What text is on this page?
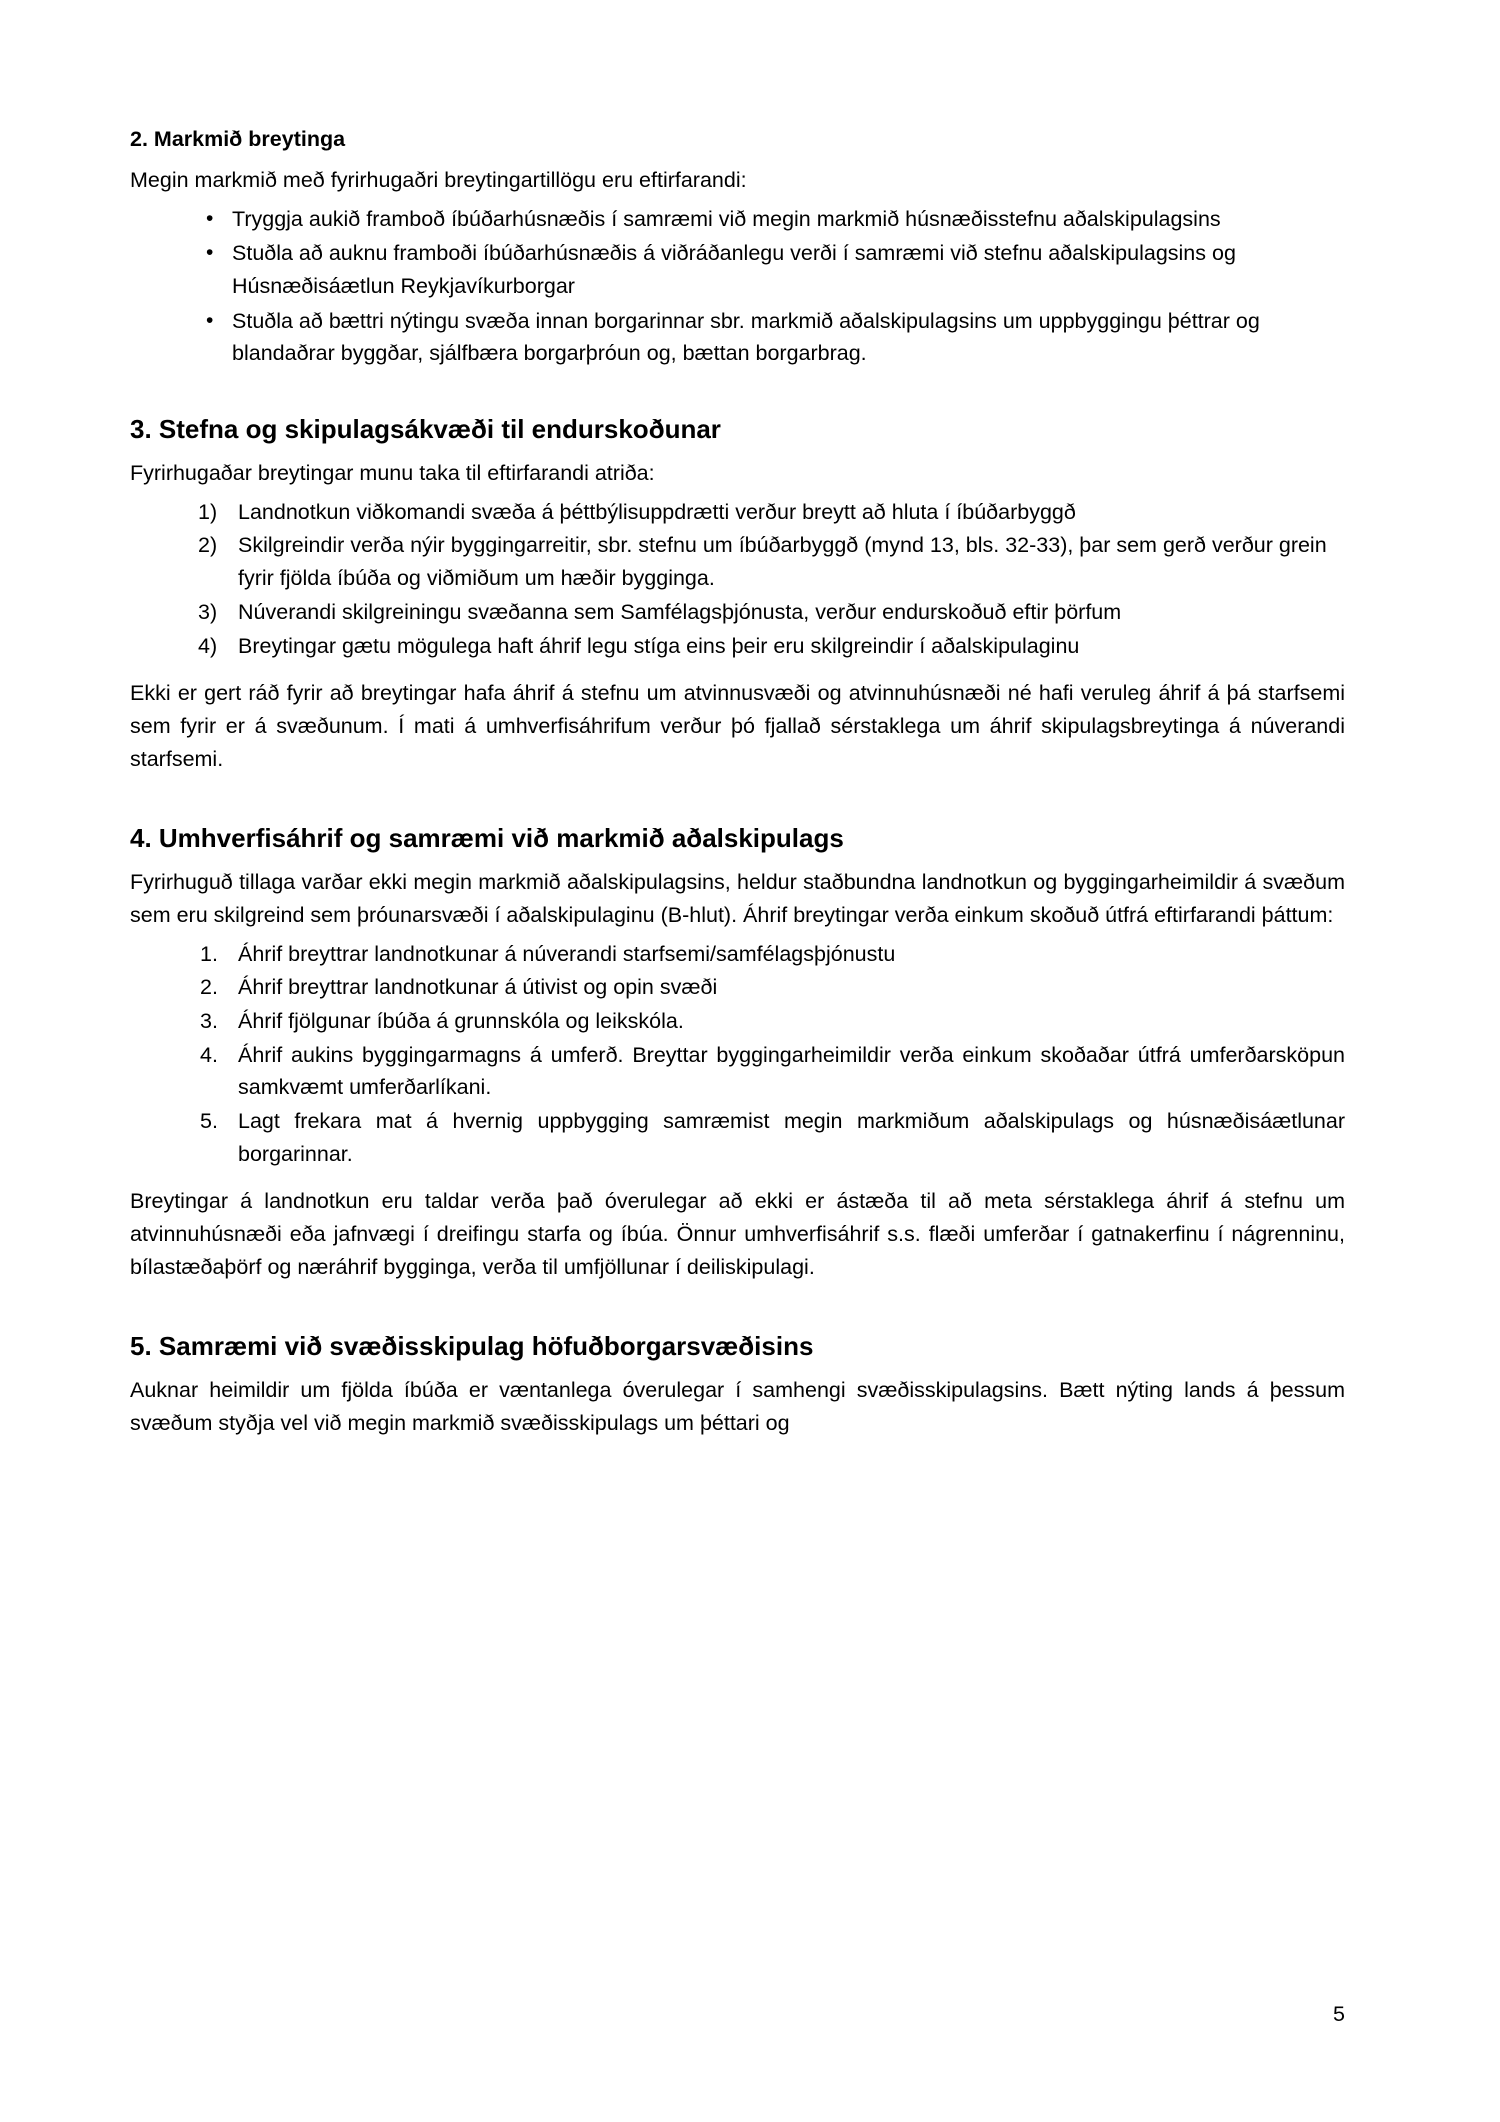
2. Markmið breytinga

Megin markmið með fyrirhugaðri breytingartillögu eru eftirfarandi:

• Tryggja aukið framboð íbúðarhúsnæðis í samræmi við megin markmið húsnæðisstefnu aðalskipulagsins
• Stuðla að auknu framboði íbúðarhúsnæðis á viðráðanlegu verði í samræmi við stefnu aðalskipulagsins og Húsnæðisáætlun Reykjavíkurborgar
• Stuðla að bættri nýtingu svæða innan borgarinnar sbr. markmið aðalskipulagsins um uppbyggingu þéttrar og blandaðrar byggðar, sjálfbæra borgarþróun og, bættan borgarbrag.
3. Stefna og skipulagsákvæði til endurskoðunar

Fyrirhugaðar breytingar munu taka til eftirfarandi atriða:

Landnotkun viðkomandi svæða á þéttbýlisuppdrætti verður breytt að hluta í íbúðarbyggð
Skilgreindir verða nýir byggingarreitir, sbr. stefnu um íbúðarbyggð (mynd 13, bls. 32-33), þar sem gerð verður grein fyrir fjölda íbúða og viðmiðum um hæðir bygginga.
Núverandi skilgreiningu svæðanna sem Samfélagsþjónusta, verður endurskoðuð eftir þörfum
Breytingar gætu mögulega haft áhrif legu stíga eins þeir eru skilgreindir í aðalskipulaginu

Ekki er gert ráð fyrir að breytingar hafa áhrif á stefnu um atvinnusvæði og atvinnuhúsnæði né hafi veruleg áhrif á þá starfsemi sem fyrir er á svæðunum. Í mati á umhverfisáhrifum verður þó fjallað sérstaklega um áhrif skipulagsbreytinga á núverandi starfsemi.

4. Umhverfisáhrif og samræmi við markmið aðalskipulags

Fyrirhuguð tillaga varðar ekki megin markmið aðalskipulagsins, heldur staðbundna landnotkun og byggingarheimildir á svæðum sem eru skilgreind sem þróunarsvæði í aðalskipulaginu (B-hlut). Áhrif breytingar verða einkum skoðuð útfrá eftirfarandi þáttum:

Áhrif breyttrar landnotkunar á núverandi starfsemi/samfélagsþjónustu
Áhrif breyttrar landnotkunar á útivist og opin svæði
Áhrif fjölgunar íbúða á grunnskóla og leikskóla.
Áhrif aukins byggingarmagns á umferð. Breyttar byggingarheimildir verða einkum skoðaðar útfrá umferðarsköpun samkvæmt umferðarlíkani.
Lagt frekara mat á hvernig uppbygging samræmist megin markmiðum aðalskipulags og húsnæðisáætlunar borgarinnar.

Breytingar á landnotkun eru taldar verða það óverulegar að ekki er ástæða til að meta sérstaklega áhrif á stefnu um atvinnuhúsnæði eða jafnvægi í dreifingu starfa og íbúa. Önnur umhverfisáhrif s.s. flæði umferðar í gatnakerfinu í nágrenninu, bílastæðaþörf og næráhrif bygginga, verða til umfjöllunar í deiliskipulagi.

5. Samræmi við svæðisskipulag höfuðborgarsvæðisins

Auknar heimildir um fjölda íbúða er væntanlega óverulegar í samhengi svæðisskipulagsins. Bætt nýting lands á þessum svæðum styðja vel við megin markmið svæðisskipulags um þéttari og

5
